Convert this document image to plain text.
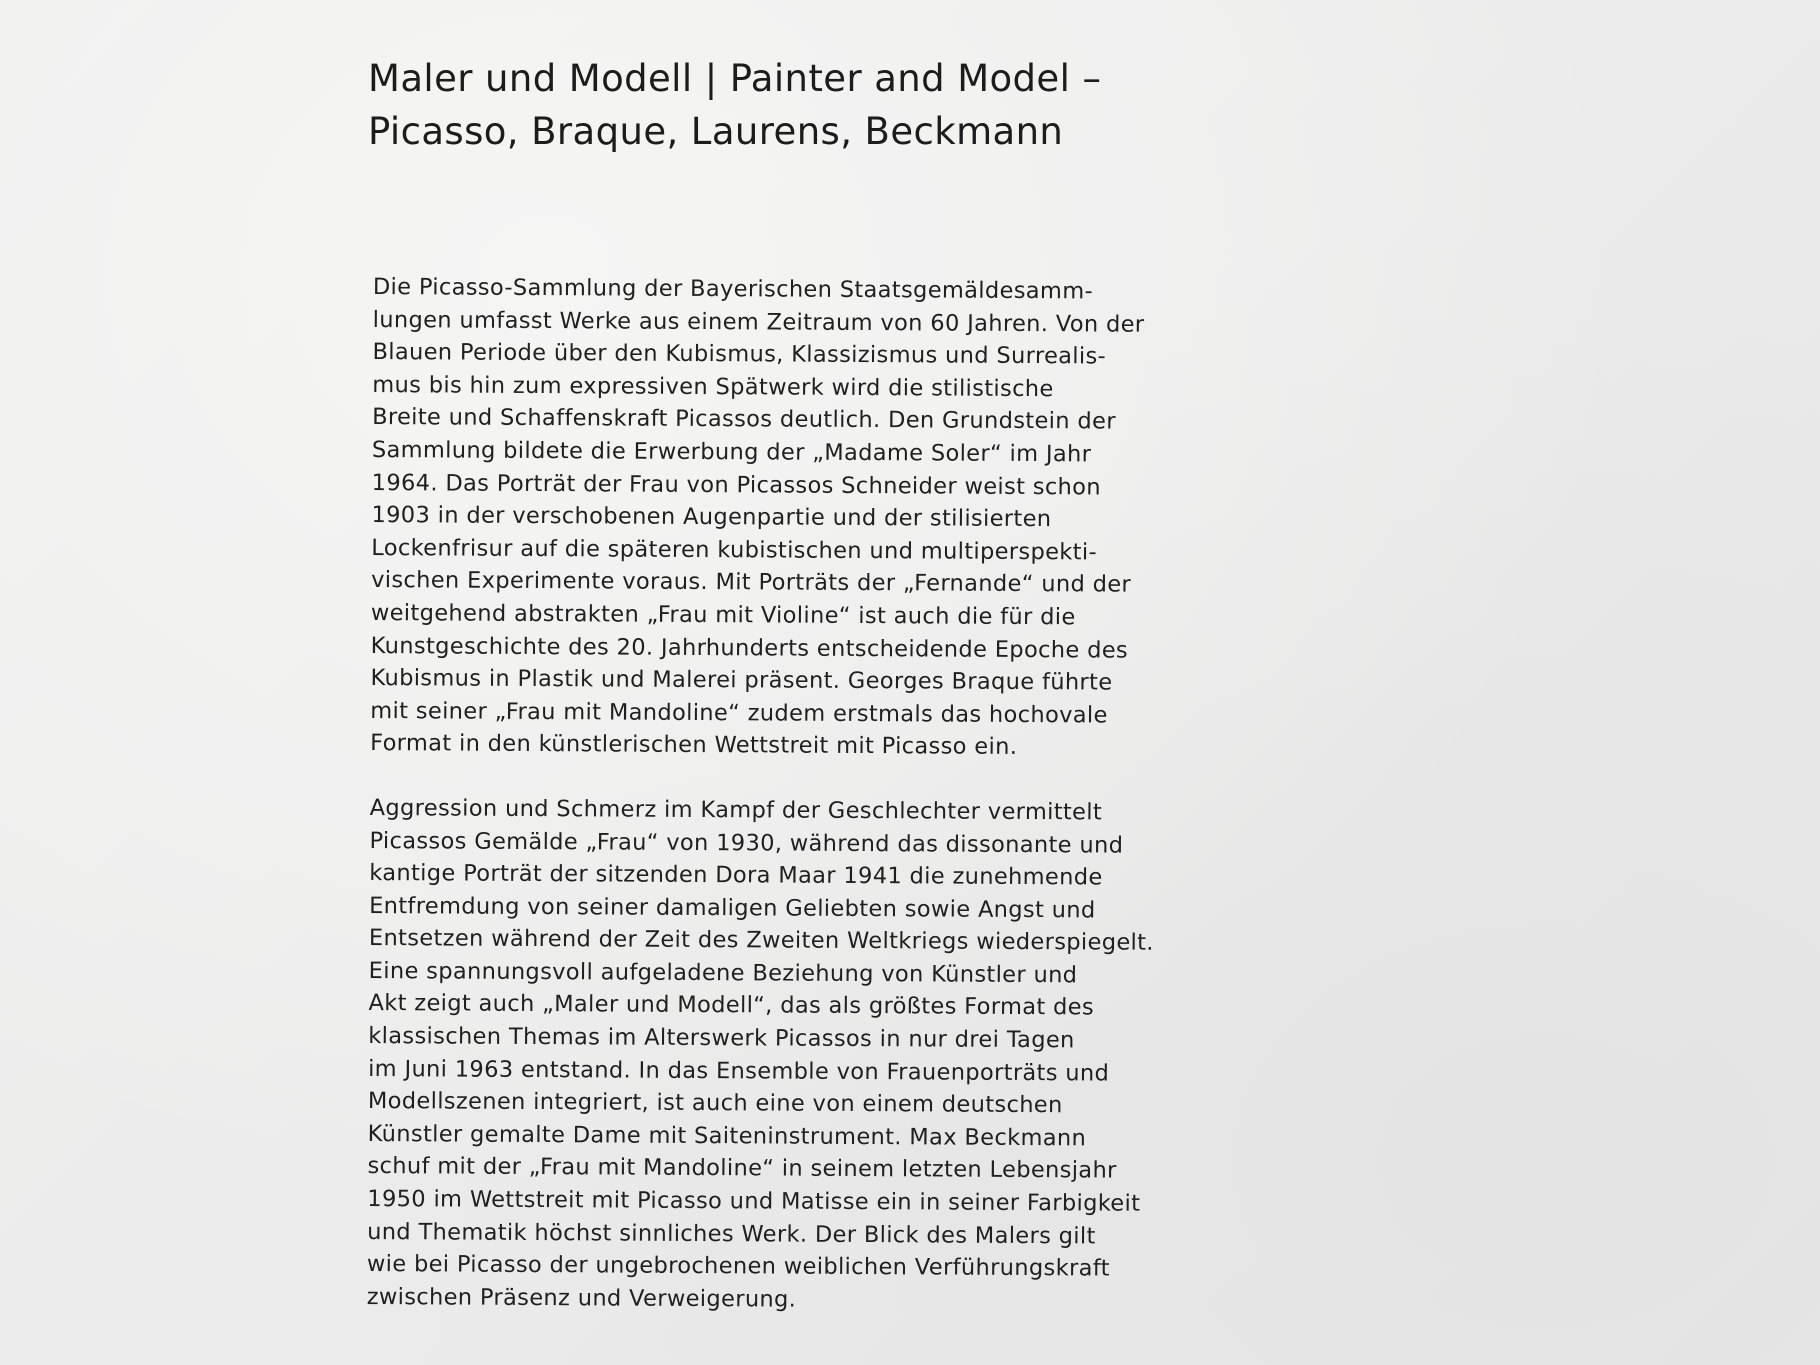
Maler und Modell | Painter and Model –
Picasso, Braque, Laurens, Beckmann
Die Picasso-Sammlung der Bayerischen Staatsgemäldesamm-
lungen umfasst Werke aus einem Zeitraum von 60 Jahren. Von der
Blauen Periode über den Kubismus, Klassizismus und Surrealis-
mus bis hin zum expressiven Spätwerk wird die stilistische
Breite und Schaffenskraft Picassos deutlich. Den Grundstein der
Sammlung bildete die Erwerbung der „Madame Soler“ im Jahr
1964. Das Porträt der Frau von Picassos Schneider weist schon
1903 in der verschobenen Augenpartie und der stilisierten
Lockenfrisur auf die späteren kubistischen und multiperspekti-
vischen Experimente voraus. Mit Porträts der „Fernande“ und der
weitgehend abstrakten „Frau mit Violine“ ist auch die für die
Kunstgeschichte des 20. Jahrhunderts entscheidende Epoche des
Kubismus in Plastik und Malerei präsent. Georges Braque führte
mit seiner „Frau mit Mandoline“ zudem erstmals das hochovale
Format in den künstlerischen Wettstreit mit Picasso ein.
Aggression und Schmerz im Kampf der Geschlechter vermittelt
Picassos Gemälde „Frau“ von 1930, während das dissonante und
kantige Porträt der sitzenden Dora Maar 1941 die zunehmende
Entfremdung von seiner damaligen Geliebten sowie Angst und
Entsetzen während der Zeit des Zweiten Weltkriegs wiederspiegelt.
Eine spannungsvoll aufgeladene Beziehung von Künstler und
Akt zeigt auch „Maler und Modell“, das als größtes Format des
klassischen Themas im Alterswerk Picassos in nur drei Tagen
im Juni 1963 entstand. In das Ensemble von Frauenporträts und
Modellszenen integriert, ist auch eine von einem deutschen
Künstler gemalte Dame mit Saiteninstrument. Max Beckmann
schuf mit der „Frau mit Mandoline“ in seinem letzten Lebensjahr
1950 im Wettstreit mit Picasso und Matisse ein in seiner Farbigkeit
und Thematik höchst sinnliches Werk. Der Blick des Malers gilt
wie bei Picasso der ungebrochenen weiblichen Verführungskraft
zwischen Präsenz und Verweigerung.
